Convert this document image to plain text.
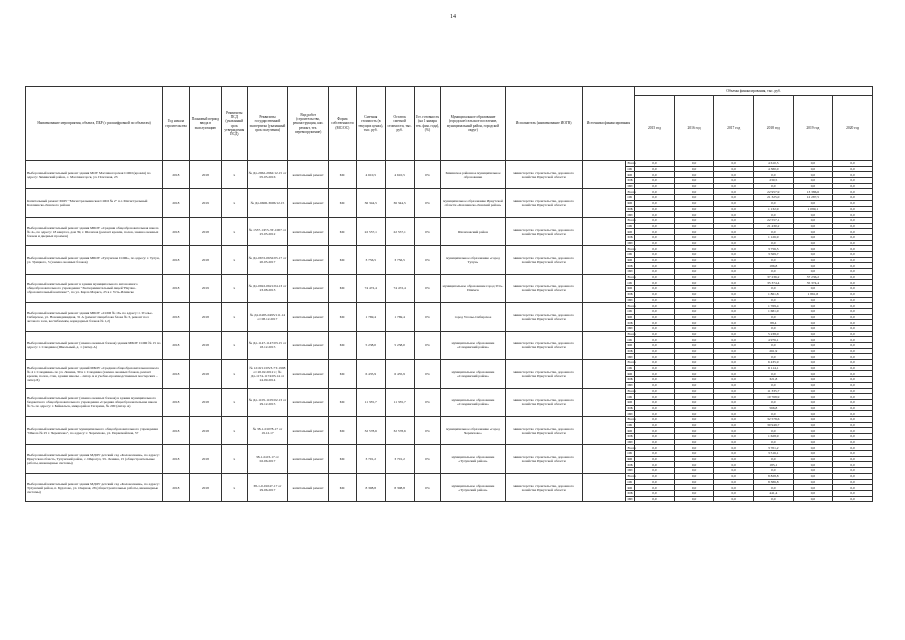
14
Наименование мероприятия, объекта, ПБР (с расшифровкой по объектам)	Год начала строительства	Плановый период ввода в эксплуатацию	Реквизиты ПСД (указанный срок утверждения ПСД)	Реквизиты государственной экспертизы (указанный срок получения)	Вид работ (строительство, реконструкция, кап. ремонт, тех. перевооружение)	Форма собственности (МС/ОС)	Сметная стоимость (в текущих ценах), тыс. руб.	Остаток сметной стоимости, тыс. руб.	Гот. готовность (на 1 января тек. фин. года), (%)	Муниципальное образование (городское/сельское поселение, муниципальный район, городской округ)	Исполнитель (наименование ИОГВ)	Источники финансирования		Объемы финансирования, тыс. руб.					
														2015 год	2016 год	2017 год	2018 год	2019 год	2020 год
Выборочный капитальный ремонт здания МОУ Масляногорская СОШ (кровля) по адресу: Зиминский район, с. Масляногорск, ул. Почтовая, 23	2018	2018	x	№ Дл-2962-2962/12.15 от 05.05.2016	капитальный ремонт	МС	4 610,5	4 610,5	0%	Зиминское районное муниципальное образование	министерство строительства, дорожного хозяйства Иркутской области		Всего	0,0	0,0	0,0	4 610,5	0,0	0,0
													ОБ	0,0	0,0	0,0	4 380,0	0,0	0,0
													ФБ	0,0	0,0	0,0	0,0	0,0	0,0
													МБ	0,0	0,0	0,0	230,5	0,0	0,0
													ИИ	0,0	0,0	0,0	0,0	0,0	0,0
Капитальный ремонт МОУ "Магистральнинская СОШ № 2" п.г. Магистральный Казачинско-Ленского района	2018	2019	x	№ Дл-6606-3606/12.15	капитальный ремонт	МС	36 344,5	36 344,5	0%	муниципальное образование Иркутской области «Казачинско-Ленский район»	министерство строительства, дорожного хозяйства Иркутской области		Всего	0,0	0,0	0,0	22 957,9	13 386,6	0,0
													ОБ	0,0	0,0	0,0	21 325,0	12 287,5	0,0
													ФБ	0,0	0,0	0,0	0,0	0,0	0,0
													МБ	0,0	0,0	0,0	1 132,9	1 099,1	0,0
													ИИ	0,0	0,0	0,0	0,0	0,0	0,0
Выборочный капитальный ремонт здания МБОУ «Средняя общеобразовательная школа № 4», по адресу: 18 квартал, дом 39, г. Шелехов (ремонт кровли, полов, замена оконных блоков и дверных проемов)	2018	2018	x	№ 1537-1/Р/5-3Т-1007 от 25.05.2012	капитальный ремонт	МС	22 557,1	22 557,1	0%	Шелеховский район	министерство строительства, дорожного хозяйства Иркутской области		Всего	0,0	0,0	0,0	22 557,1	0,0	0,0
													ОБ	0,0	0,0	0,0	21 430,2	0,0	0,0
													ФБ	0,0	0,0	0,0	0,0	0,0	0,0
													МБ	0,0	0,0	0,0	1 126,9	0,0	0,0
													ИИ	0,0	0,0	0,0	0,0	0,0	0,0
Выборочный капитальный ремонт здания МБОУ «Тулунская СОШ», по адресу: г. Тулун, ул. Урицкого, 5 (замена оконных блоков)	2018	2018	x	№ Дл-0672-0632/05.17 от 20.05.2017	капитальный ремонт	МС	3 756,5	3 756,5	0%	муниципальное образование «город Тулун»	министерство строительства, дорожного хозяйства Иркутской области		Всего	0,0	0,0	0,0	3 756,5	0,0	0,0
													ОБ	0,0	0,0	0,0	3 569,7	0,0	0,0
													ФБ	0,0	0,0	0,0	0,0	0,0	0,0
													МБ	0,0	0,0	0,0	186,8	0,0	0,0
													ИИ	0,0	0,0	0,0	0,0	0,0	0,0
Выборочный капитальный ремонт в здании муниципального автономного общеобразовательного учреждения "Экспериментальный лицей 'Научно-образовательный комплекс'", по ул. Карла Маркса, 25 в г. Усть-Илимске	2018	2019	x	№ Дл-0922-0621/04.13 от 23.08.2013	капитальный ремонт	МС	74 472,4	74 472,4	0%	муниципальное образование город Усть-Илимск	министерство строительства, дорожного хозяйства Иркутской области		Всего	0,0	0,0	0,0	37 236,2	37 236,2	0,0
													ОБ	0,0	0,0	0,0	35 374,4	35 374,4	0,0
													ФБ	0,0	0,0	0,0	0,0	0,0	0,0
													МБ	0,0	0,0	0,0	1 861,8	1 861,8	0,0
													ИИ	0,0	0,0	0,0	0,0	0,0	0,0
Выборочный капитальный ремонт здания МБОУ «СОШ № 16» по адресу: г. Усолье-Сибирское, ул. Новоиндивидная, 31 А (ремонт пищеблока блока № 3, ремонт пол актового зала, вестибюлеям, коридорных блоков № 1,2)	2018	2018	x	№ Дл-0495-0495/111.14 от 08.12.2017	капитальный ремонт	МС	1 769,4	1 769,4	0%	город Усолье-Сибирское	министерство строительства, дорожного хозяйства Иркутской области		Всего	0,0	0,0	0,0	1 769,4	0,0	0,0
													ОБ	0,0	0,0	0,0	1 681,0	0,0	0,0
													ФБ	0,0	0,0	0,0	0,0	0,0	0,0
													МБ	0,0	0,0	0,0	88,4	0,0	0,0
													ИИ	0,0	0,0	0,0	0,0	0,0	0,0
Выборочный капитальный ремонт (замена оконных блоков) здания МБОУ СОШ № 15 по адресу: г. Слюдянка (Школьный, д. 1 (литер А)	2018	2018	x	№ Дл-1147-1147/03.15 от 18.12.2015	капитальный ремонт	МС	5 238,0	5 238,0	0%	муниципальное образование «Слюдянский район»	министерство строительства, дорожного хозяйства Иркутской области		Всего	0,0	0,0	0,0	5 238,0	0,0	0,0
													ОБ	0,0	0,0	0,0	4 976,1	0,0	0,0
													ФБ	0,0	0,0	0,0	0,0	0,0	0,0
													МБ	0,0	0,0	0,0	261,9	0,0	0,0
													ИИ	0,0	0,0	0,0	0,0	0,0	0,0
Выборочный капитальный ремонт зданий МБОУ «Средняя общеобразовательная школа № 4 г. Слюдянки» по ул. Ленина, 30 в г. Слюдянка (замена оконных блоков, ремонт кровли, полов, стен, здания школы – литер А и учебно-производственных мастерских – литер Б)	2018	2018	x	№ 1219/11/03/3-7Т-1998 от 20.02.2012 г.; № Дл-1174-1174/03.14 от 24.09.2014	капитальный ремонт	МС	6 435,9	6 435,9	0%	муниципальное образование «Слюдянский район»	министерство строительства, дорожного хозяйства Иркутской области		Всего	0,0	0,0	0,0	6 435,9	0,0	0,0
													ОБ	0,0	0,0	0,0	6 114,1	0,0	0,0
													ФБ	0,0	0,0	0,0	0,0	0,0	0,0
													МБ	0,0	0,0	0,0	321,8	0,0	0,0
													ИИ	0,0	0,0	0,0	0,0	0,0	0,0
Выборочный капитальный ремонт (замена оконных блоков) в здании муниципального бюджетного общеобразовательного учреждения «Средняя общеобразовательная школа № 5» по адресу: г. Байкальск, микрорайон Гагарина, № 200 (литер А)	2018	2018	x	№ Дл-1105-1105/02.13 от 29.12.2015	капитальный ремонт	МС	11 335,7	11 335,7	0%	муниципальное образование «Слюдянский район»	министерство строительства, дорожного хозяйства Иркутской области		Всего	0,0	0,0	0,0	11 335,7	0,0	0,0
													ОБ	0,0	0,0	0,0	10 768,9	0,0	0,0
													ФБ	0,0	0,0	0,0	0,0	0,0	0,0
													МБ	0,0	0,0	0,0	566,8	0,0	0,0
													ИИ	0,0	0,0	0,0	0,0	0,0	0,0
Выборочный капитальный ремонт муниципального общеобразовательного учреждения "Школа № 25 г. Черемхово", по адресу: г. Черемхово, ул. Первомайская, 57	2018	2018	x	№ 38-1-01078-17 от 19.12.17	капитальный ремонт	МС	32 578,6	32 578,6	0%	муниципальное образование «город Черемхово»	министерство строительства, дорожного хозяйства Иркутской области		Всего	0,0	0,0	0,0	32 578,6	0,0	0,0
													ОБ	0,0	0,0	0,0	30 949,7	0,0	0,0
													ФБ	0,0	0,0	0,0	0,0	0,0	0,0
													МБ	0,0	0,0	0,0	1 628,9	0,0	0,0
													ИИ	0,0	0,0	0,0	0,0	0,0	0,0
Выборочный капитальный ремонт здания МДОУ детский сад «Колокольчик», по адресу: Иркутская область, Тулунский район, с. Шерагул, Ул. Ленина, 15 (общестроительные работы, инженерные системы)	2018	2018	x	38-1-0-03-17 от 02.06.2017	капитальный ремонт	МС	3 701,2	3 701,2	0%	муниципальное образование «Тулунский район»	министерство строительства, дорожного хозяйства Иркутской области		Всего	0,0	0,0	0,0	3 701,2	0,0	0,0
													ОБ	0,0	0,0	0,0	3 516,1	0,0	0,0
													ФБ	0,0	0,0	0,0	0,0	0,0	0,0
													МБ	0,0	0,0	0,0	185,1	0,0	0,0
													ИИ	0,0	0,0	0,0	0,0	0,0	0,0
Выборочный капитальный ремонт здания МДОУ детский сад «Колокольчик», по адресу: Тулунский район, п. Будагово, ул. Озерная, 28 (общестроительные работы, инженерные системы)	2018	2018	x	38-1-0-01047-17 от 29.06.2017	капитальный ремонт	МС	8 308,8	8 308,8	0%	муниципальное образование «Тулунский район»	министерство строительства, дорожного хозяйства Иркутской области		Всего	0,0	0,0	0,0	8 828,8	0,0	0,0
													ОБ	0,0	0,0	0,0	8 386,8	0,0	0,0
													ФБ	0,0	0,0	0,0	0,0	0,0	0,0
													МБ	0,0	0,0	0,0	441,4	0,0	0,0
													ИИ	0,0	0,0	0,0	0,0	0,0	0,0
